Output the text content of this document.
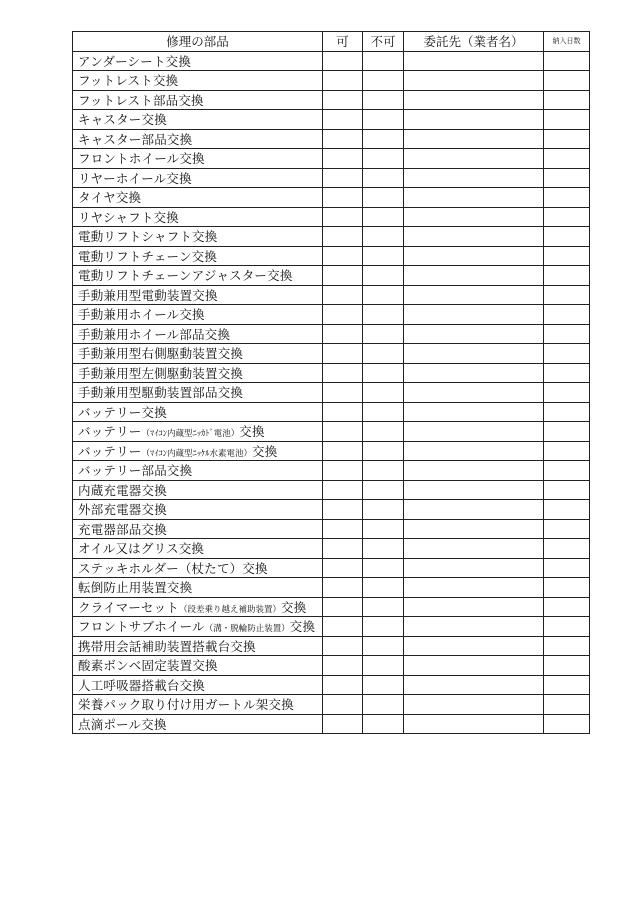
修理の部品	可	不可	委託先（業者名）	納入日数
アンダーシート交換				
フットレスト交換				
フットレスト部品交換				
キャスター交換				
キャスター部品交換				
フロントホイール交換				
リヤーホイール交換				
タイヤ交換				
リヤシャフト交換				
電動リフトシャフト交換				
電動リフトチェーン交換				
電動リフトチェーンアジャスター交換				
手動兼用型電動装置交換				
手動兼用ホイール交換				
手動兼用ホイール部品交換				
手動兼用型右側駆動装置交換				
手動兼用型左側駆動装置交換				
手動兼用型駆動装置部品交換				
バッテリー交換				
バッテリー（ﾏｲｺﾝ内蔵型ﾆｯｶﾄﾞ電池）交換				
バッテリー（ﾏｲｺﾝ内蔵型ﾆｯｹﾙ水素電池）交換				
バッテリー部品交換				
内蔵充電器交換				
外部充電器交換				
充電器部品交換				
オイル又はグリス交換				
ステッキホルダー（杖たて）交換				
転倒防止用装置交換				
クライマーセット（段差乗り越え補助装置）交換				
フロントサブホイール（溝・脱輪防止装置）交換				
携帯用会話補助装置搭載台交換				
酸素ボンベ固定装置交換				
人工呼吸器搭載台交換				
栄養パック取り付け用ガートル架交換				
点滴ポール交換				
